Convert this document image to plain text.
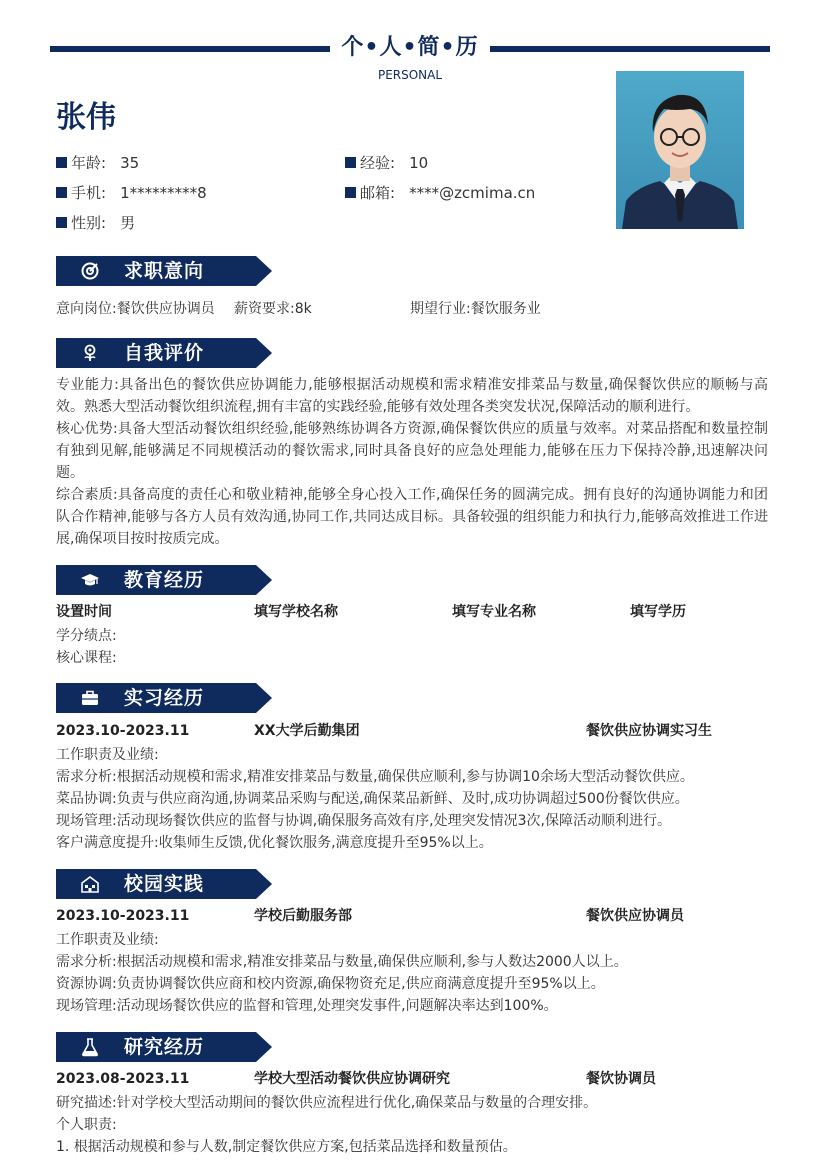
个•人•简•历
PERSONAL
张伟
年龄: 35	经验: 10
手机: 1*********8	邮箱: ****@zcmima.cn
性别: 男
求职意向
意向岗位:餐饮供应协调员 薪资要求:8k	期望行业:餐饮服务业
自我评价
专业能力:具备出色的餐饮供应协调能力,能够根据活动规模和需求精准安排菜品与数量,确保餐饮供应的顺畅与高效。熟悉大型活动餐饮组织流程,拥有丰富的实践经验,能够有效处理各类突发状况,保障活动的顺利进行。
核心优势:具备大型活动餐饮组织经验,能够熟练协调各方资源,确保餐饮供应的质量与效率。对菜品搭配和数量控制有独到见解,能够满足不同规模活动的餐饮需求,同时具备良好的应急处理能力,能够在压力下保持冷静,迅速解决问题。
综合素质:具备高度的责任心和敬业精神,能够全身心投入工作,确保任务的圆满完成。拥有良好的沟通协调能力和团队合作精神,能够与各方人员有效沟通,协同工作,共同达成目标。具备较强的组织能力和执行力,能够高效推进工作进展,确保项目按时按质完成。
教育经历
设置时间	填写学校名称	填写专业名称	填写学历
学分绩点:
核心课程:
实习经历
2023.10-2023.11	XX大学后勤集团	餐饮供应协调实习生
工作职责及业绩:
需求分析:根据活动规模和需求,精准安排菜品与数量,确保供应顺利,参与协调10余场大型活动餐饮供应。
菜品协调:负责与供应商沟通,协调菜品采购与配送,确保菜品新鲜、及时,成功协调超过500份餐饮供应。
现场管理:活动现场餐饮供应的监督与协调,确保服务高效有序,处理突发情况3次,保障活动顺利进行。
客户满意度提升:收集师生反馈,优化餐饮服务,满意度提升至95%以上。
校园实践
2023.10-2023.11	学校后勤服务部	餐饮供应协调员
工作职责及业绩:
需求分析:根据活动规模和需求,精准安排菜品与数量,确保供应顺利,参与人数达2000人以上。
资源协调:负责协调餐饮供应商和校内资源,确保物资充足,供应商满意度提升至95%以上。
现场管理:活动现场餐饮供应的监督和管理,处理突发事件,问题解决率达到100%。
研究经历
2023.08-2023.11	学校大型活动餐饮供应协调研究	餐饮协调员
研究描述:针对学校大型活动期间的餐饮供应流程进行优化,确保菜品与数量的合理安排。
个人职责:
1. 根据活动规模和参与人数,制定餐饮供应方案,包括菜品选择和数量预估。
